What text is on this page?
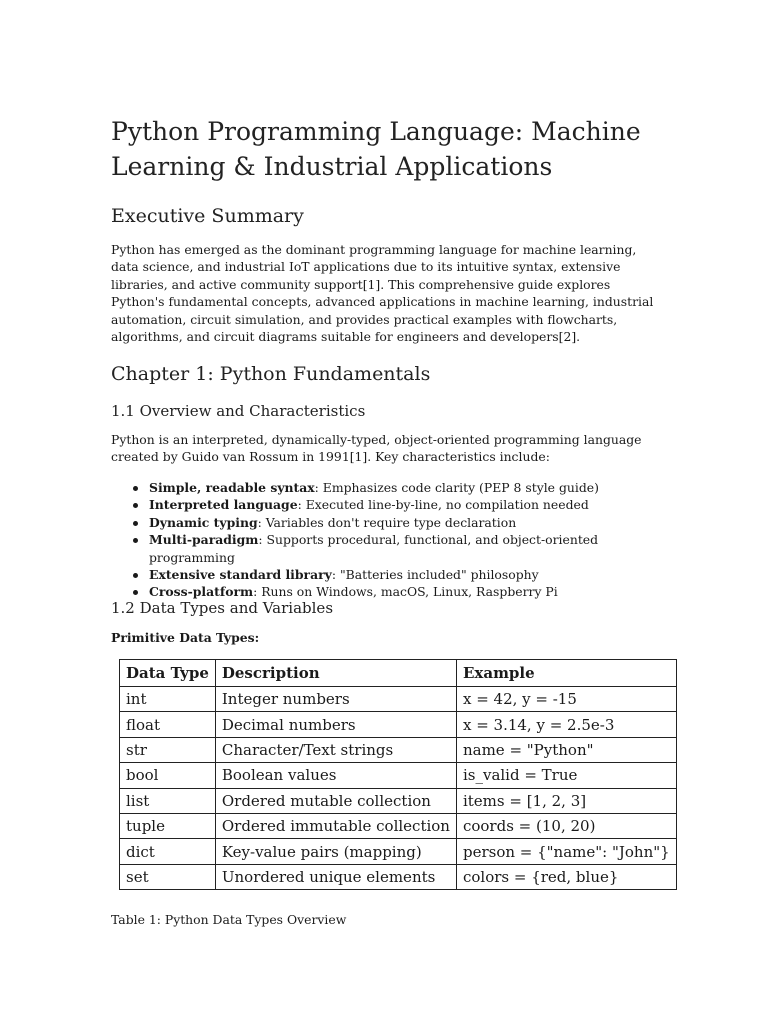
Python Programming Language: Machine Learning & Industrial Applications
Executive Summary

Python has emerged as the dominant programming language for machine learning, data science, and industrial IoT applications due to its intuitive syntax, extensive libraries, and active community support[1]. This comprehensive guide explores Python's fundamental concepts, advanced applications in machine learning, industrial automation, circuit simulation, and provides practical examples with flowcharts, algorithms, and circuit diagrams suitable for engineers and developers[2].

Chapter 1: Python Fundamentals
1.1 Overview and Characteristics

Python is an interpreted, dynamically-typed, object-oriented programming language created by Guido van Rossum in 1991[1]. Key characteristics include:

Simple, readable syntax: Emphasizes code clarity (PEP 8 style guide)
Interpreted language: Executed line-by-line, no compilation needed
Dynamic typing: Variables don't require type declaration
Multi-paradigm: Supports procedural, functional, and object-oriented programming
Extensive standard library: "Batteries included" philosophy
Cross-platform: Runs on Windows, macOS, Linux, Raspberry Pi
1.2 Data Types and Variables
Primitive Data Types:
Data Type	Description	Example
int	Integer numbers	x = 42, y = -15
float	Decimal numbers	x = 3.14, y = 2.5e-3
str	Character/Text strings	name = "Python"
bool	Boolean values	is_valid = True
list	Ordered mutable collection	items = [1, 2, 3]
tuple	Ordered immutable collection	coords = (10, 20)
dict	Key-value pairs (mapping)	person = {"name": "John"}
set	Unordered unique elements	colors = {red, blue}
Table 1: Python Data Types Overview
